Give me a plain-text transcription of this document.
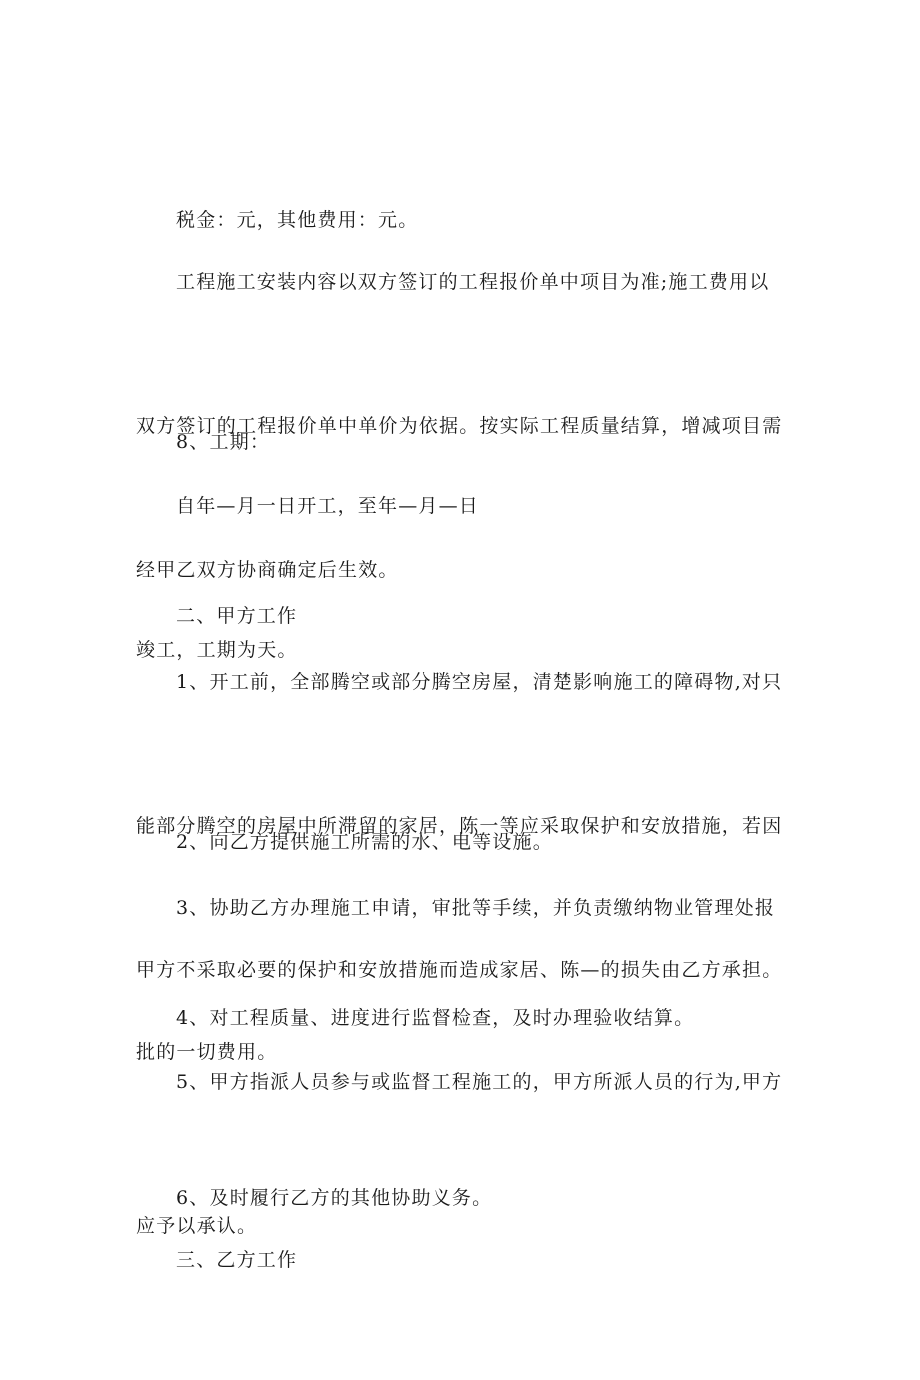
税金：元，其他费用：元。

工程施工安装内容以双方签订的工程报价单中项目为准;施工费用以

双方签订的工程报价单中单价为依据。按实际工程质量结算，增减项目需

经甲乙双方协商确定后生效。

8、工期：

自年—月一日开工，至年—月—日

竣工，工期为天。

二、甲方工作

1、开工前，全部腾空或部分腾空房屋，清楚影响施工的障碍物,对只

能部分腾空的房屋中所滞留的家居，陈一等应采取保护和安放措施，若因

甲方不采取必要的保护和安放措施而造成家居、陈—的损失由乙方承担。

2、向乙方提供施工所需的水、电等设施。

3、协助乙方办理施工申请，审批等手续，并负责缴纳物业管理处报

批的一切费用。

4、对工程质量、进度进行监督检查，及时办理验收结算。

5、甲方指派人员参与或监督工程施工的，甲方所派人员的行为,甲方

应予以承认。

6、及时履行乙方的其他协助义务。

三、乙方工作
